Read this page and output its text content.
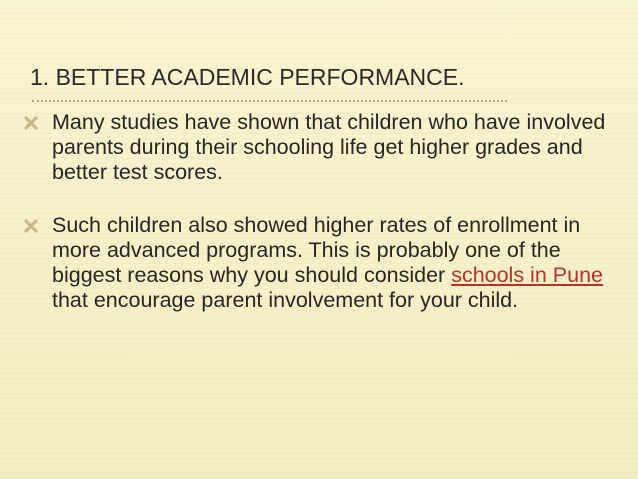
1. BETTER ACADEMIC PERFORMANCE.
Many studies have shown that children who have involved parents during their schooling life get higher grades and better test scores.
Such children also showed higher rates of enrollment in more advanced programs. This is probably one of the biggest reasons why you should consider schools in Pune that encourage parent involvement for your child.
